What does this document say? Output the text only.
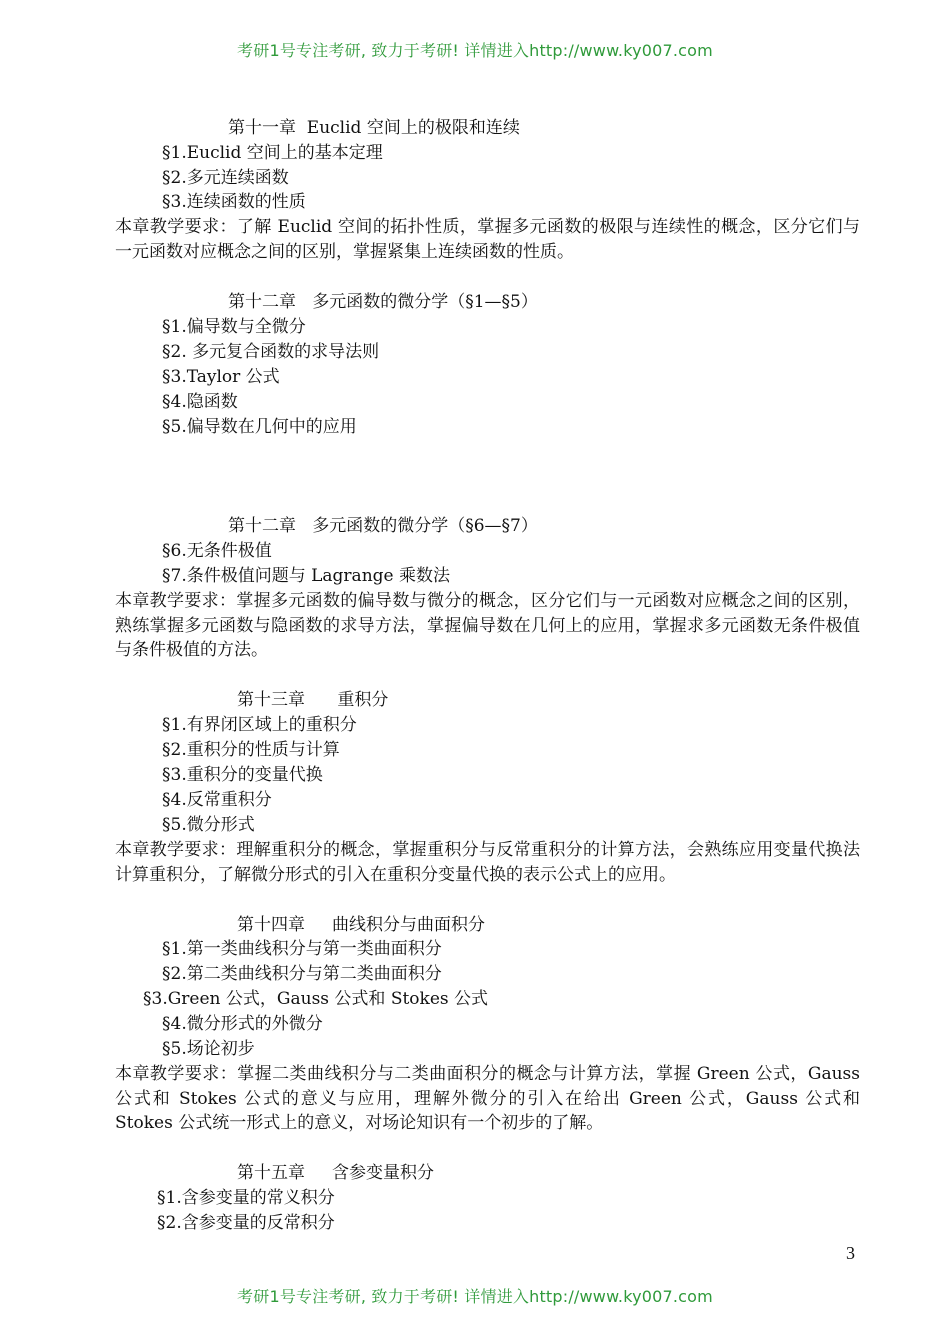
考研1号专注考研, 致力于考研! 详情进入http://www.ky007.com
第十一章  Euclid 空间上的极限和连续
§1.Euclid 空间上的基本定理
§2.多元连续函数
§3.连续函数的性质
本章教学要求：了解 Euclid 空间的拓扑性质，掌握多元函数的极限与连续性的概念，区分它们与一元函数对应概念之间的区别，掌握紧集上连续函数的性质。
第十二章   多元函数的微分学（§1—§5）
§1.偏导数与全微分
§2. 多元复合函数的求导法则
§3.Taylor 公式
§4.隐函数
§5.偏导数在几何中的应用
第十二章   多元函数的微分学（§6—§7）
§6.无条件极值
§7.条件极值问题与 Lagrange 乘数法
本章教学要求：掌握多元函数的偏导数与微分的概念，区分它们与一元函数对应概念之间的区别，熟练掌握多元函数与隐函数的求导方法，掌握偏导数在几何上的应用，掌握求多元函数无条件极值与条件极值的方法。
第十三章      重积分
§1.有界闭区域上的重积分
§2.重积分的性质与计算
§3.重积分的变量代换
§4.反常重积分
§5.微分形式
本章教学要求：理解重积分的概念，掌握重积分与反常重积分的计算方法，会熟练应用变量代换法计算重积分，了解微分形式的引入在重积分变量代换的表示公式上的应用。
第十四章     曲线积分与曲面积分
§1.第一类曲线积分与第一类曲面积分
§2.第二类曲线积分与第二类曲面积分
§3.Green 公式，Gauss 公式和 Stokes 公式
§4.微分形式的外微分
§5.场论初步
本章教学要求：掌握二类曲线积分与二类曲面积分的概念与计算方法，掌握 Green 公式，Gauss 公式和 Stokes 公式的意义与应用，理解外微分的引入在给出 Green 公式，Gauss 公式和 Stokes 公式统一形式上的意义，对场论知识有一个初步的了解。
第十五章     含参变量积分
§1.含参变量的常义积分
§2.含参变量的反常积分
3
考研1号专注考研, 致力于考研! 详情进入http://www.ky007.com
